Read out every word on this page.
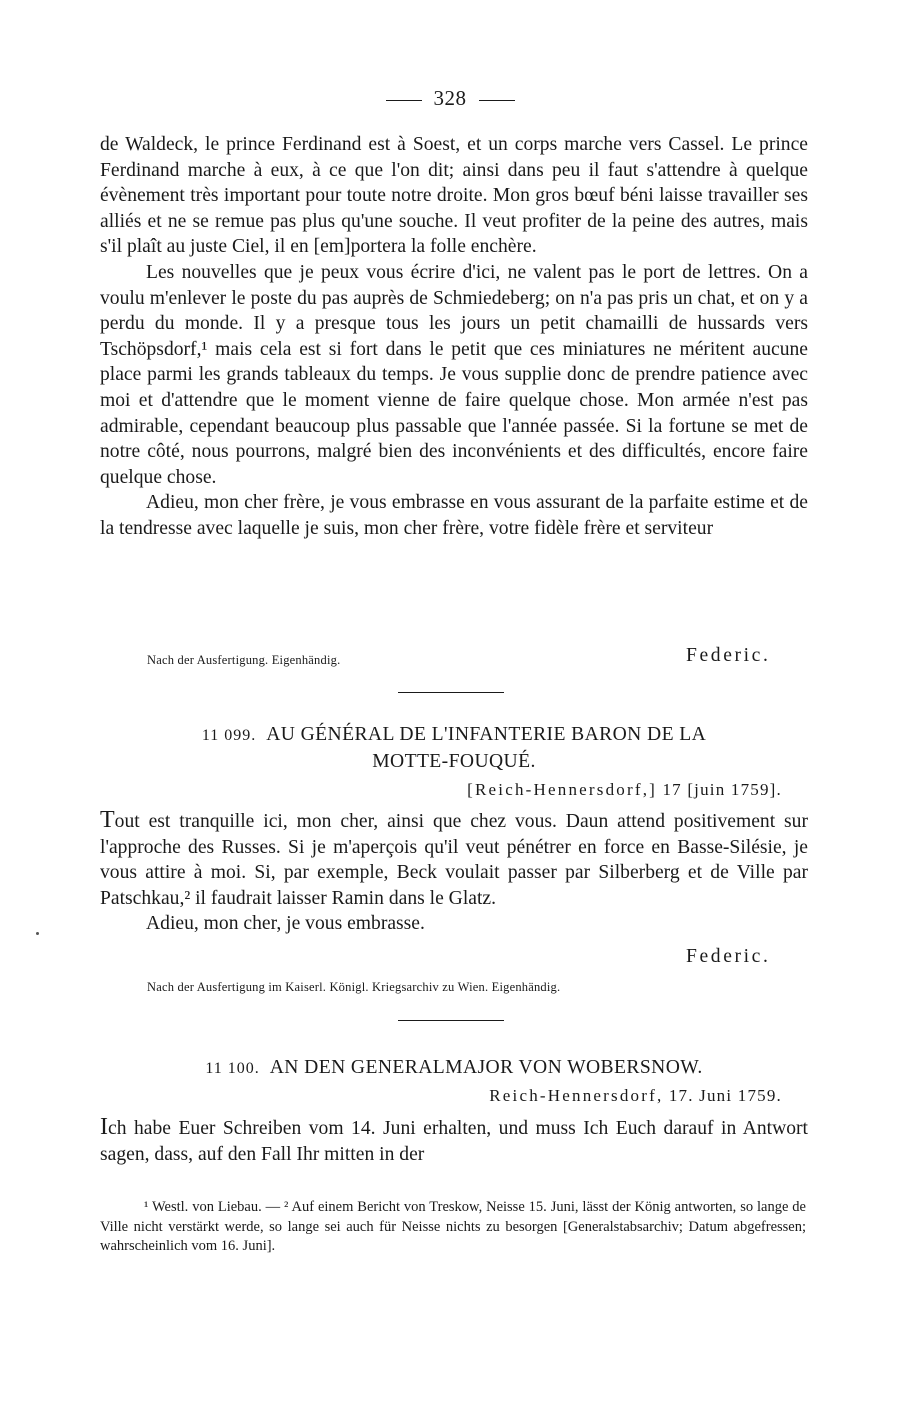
328

de Waldeck, le prince Ferdinand est à Soest, et un corps marche vers Cassel. Le prince Ferdinand marche à eux, à ce que l'on dit; ainsi dans peu il faut s'attendre à quelque évènement très important pour toute notre droite. Mon gros bœuf béni laisse travailler ses alliés et ne se remue pas plus qu'une souche. Il veut profiter de la peine des autres, mais s'il plaît au juste Ciel, il en [em]portera la folle enchère.

Les nouvelles que je peux vous écrire d'ici, ne valent pas le port de lettres. On a voulu m'enlever le poste du pas auprès de Schmiedeberg; on n'a pas pris un chat, et on y a perdu du monde. Il y a presque tous les jours un petit chamailli de hussards vers Tschöpsdorf,¹ mais cela est si fort dans le petit que ces miniatures ne méritent aucune place parmi les grands tableaux du temps. Je vous supplie donc de prendre patience avec moi et d'attendre que le moment vienne de faire quelque chose. Mon armée n'est pas admirable, cependant beaucoup plus passable que l'année passée. Si la fortune se met de notre côté, nous pourrons, malgré bien des inconvénients et des difficultés, encore faire quelque chose.

Adieu, mon cher frère, je vous embrasse en vous assurant de la parfaite estime et de la tendresse avec laquelle je suis, mon cher frère, votre fidèle frère et serviteur

Nach der Ausfertigung. Eigenhändig.	Federic.
11 099. AU GÉNÉRAL DE L'INFANTERIE BARON DE LA
MOTTE-FOUQUÉ.
[Reich-Hennersdorf,] 17 [juin 1759].

Tout est tranquille ici, mon cher, ainsi que chez vous. Daun attend positivement sur l'approche des Russes. Si je m'aperçois qu'il veut pénétrer en force en Basse-Silésie, je vous attire à moi. Si, par exemple, Beck voulait passer par Silberberg et de Ville par Patschkau,² il faudrait laisser Ramin dans le Glatz.

Adieu, mon cher, je vous embrasse.

Federic.
Nach der Ausfertigung im Kaiserl. Königl. Kriegsarchiv zu Wien. Eigenhändig.
11 100. AN DEN GENERALMAJOR VON WOBERSNOW.
Reich-Hennersdorf, 17. Juni 1759.

Ich habe Euer Schreiben vom 14. Juni erhalten, und muss Ich Euch darauf in Antwort sagen, dass, auf den Fall Ihr mitten in der

¹ Westl. von Liebau. — ² Auf einem Bericht von Treskow, Neisse 15. Juni, lässt der König antworten, so lange de Ville nicht verstärkt werde, so lange sei auch für Neisse nichts zu besorgen [Generalstabsarchiv; Datum abgefressen; wahrscheinlich vom 16. Juni].
